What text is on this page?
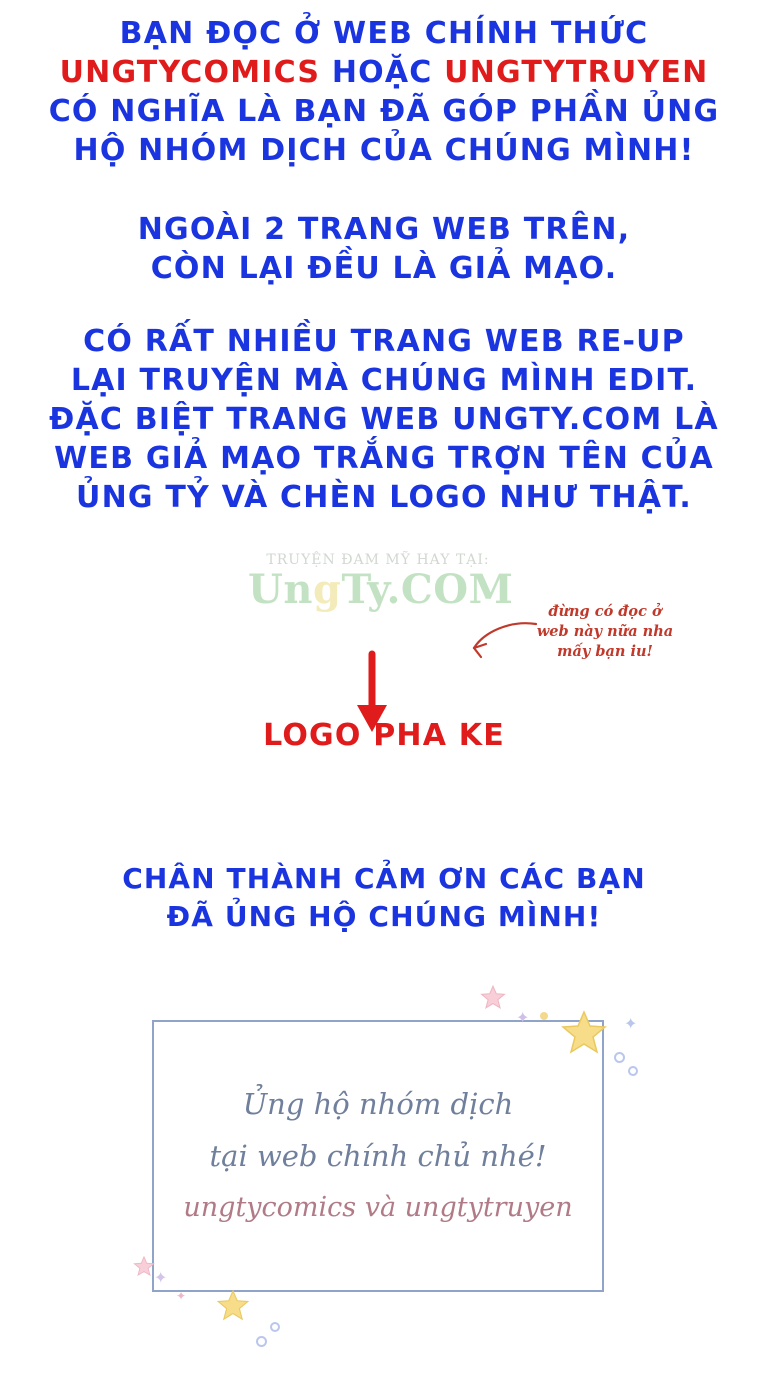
BẠN ĐỌC Ở WEB CHÍNH THỨC
UNGTYCOMICS HOẶC UNGTYTRUYEN
CÓ NGHĨA LÀ BẠN ĐÃ GÓP PHẦN ỦNG
HỘ NHÓM DỊCH CỦA CHÚNG MÌNH!
NGOÀI 2 TRANG WEB TRÊN,
CÒN LẠI ĐỀU LÀ GIẢ MẠO.
CÓ RẤT NHIỀU TRANG WEB RE-UP
LẠI TRUYỆN MÀ CHÚNG MÌNH EDIT.
ĐẶC BIỆT TRANG WEB UNGTY.COM LÀ
WEB GIẢ MẠO TRẮNG TRỢN TÊN CỦA
ỦNG TỶ VÀ CHÈN LOGO NHƯ THẬT.
TRUYỆN ĐAM MỸ HAY TẠI:
UngTy.COM	đừng có đọc ở
web này nữa nha
mấy bạn iu!
LOGO PHA KE
CHÂN THÀNH CẢM ƠN CÁC BẠN
ĐÃ ỦNG HỘ CHÚNG MÌNH!
Ủng hộ nhóm dịch
tại web chính chủ nhé!
ungtycomics và ungtytruyen
✦	✦
✦
✦
